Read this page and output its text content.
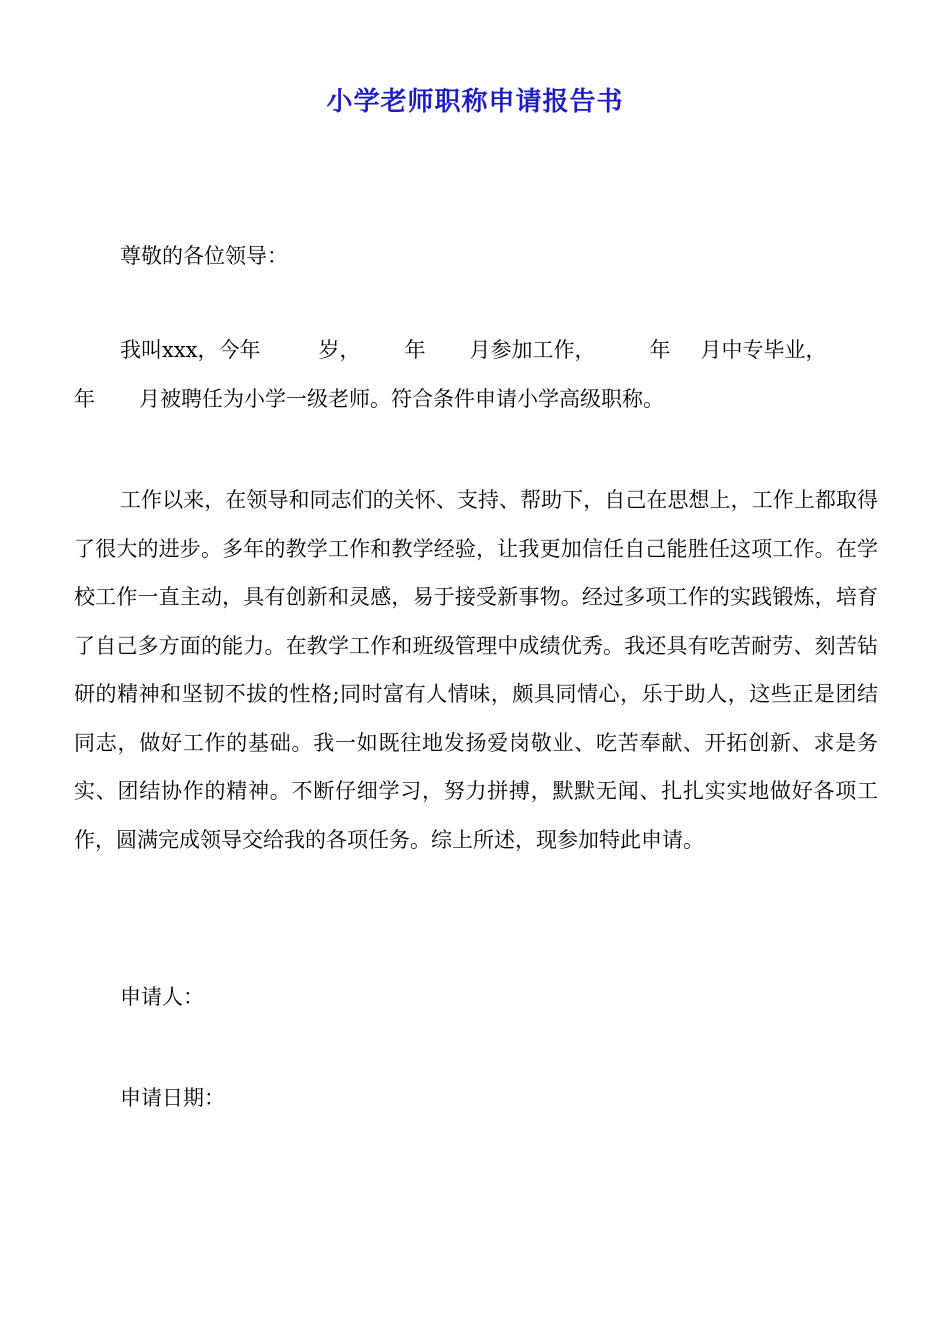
小学老师职称申请报告书
尊敬的各位领导：
我叫xxx，今年	岁， 年 月参加工作，	年 月中专毕业，
年 月被聘任为小学一级老师。符合条件申请小学高级职称。
工作以来，在领导和同志们的关怀、支持、帮助下，自己在思想上，工作上都取得了很大的进步。多年的教学工作和教学经验，让我更加信任自己能胜任这项工作。在学校工作一直主动，具有创新和灵感，易于接受新事物。经过多项工作的实践锻炼，培育了自己多方面的能力。在教学工作和班级管理中成绩优秀。我还具有吃苦耐劳、刻苦钻研的精神和坚韧不拔的性格;同时富有人情味，颇具同情心，乐于助人，这些正是团结同志，做好工作的基础。我一如既往地发扬爱岗敬业、吃苦奉献、开拓创新、求是务实、团结协作的精神。不断仔细学习，努力拼搏，默默无闻、扎扎实实地做好各项工作，圆满完成领导交给我的各项任务。综上所述，现参加特此申请。
申请人：
申请日期：
